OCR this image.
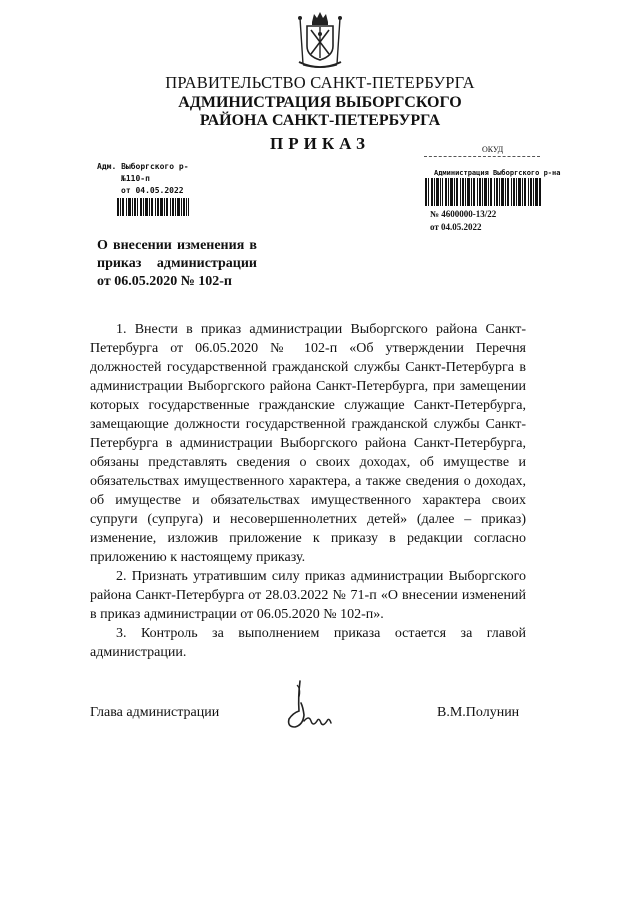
ПРАВИТЕЛЬСТВО САНКТ-ПЕТЕРБУРГА
АДМИНИСТРАЦИЯ ВЫБОРГСКОГО
РАЙОНА САНКТ-ПЕТЕРБУРГА
ПРИКАЗ
Адм. Выборгского р-
№110-п
от 04.05.2022
ОКУД
Администрация Выборгского р-на
№ 4600000-13/22
от 04.05.2022
О внесении изменения в приказ администрации от 06.05.2020 № 102-п

1. Внести в приказ администрации Выборгского района Санкт-Петербурга от 06.05.2020 № 102-п «Об утверждении Перечня должностей государственной гражданской службы Санкт-Петербурга в администрации Выборгского района Санкт-Петербурга, при замещении которых государственные гражданские служащие Санкт-Петербурга, замещающие должности государственной гражданской службы Санкт-Петербурга в администрации Выборгского района Санкт-Петербурга, обязаны представлять сведения о своих доходах, об имуществе и обязательствах имущественного характера, а также сведения о доходах, об имуществе и обязательствах имущественного характера своих супруги (супруга) и несовершеннолетних детей» (далее – приказ) изменение, изложив приложение к приказу в редакции согласно приложению к настоящему приказу.

2. Признать утратившим силу приказ администрации Выборгского района Санкт-Петербурга от 28.03.2022 № 71-п «О внесении изменений в приказ администрации от 06.05.2020 № 102-п».

3. Контроль за выполнением приказа остается за главой администрации.

Глава администрации	В.М.Полунин
